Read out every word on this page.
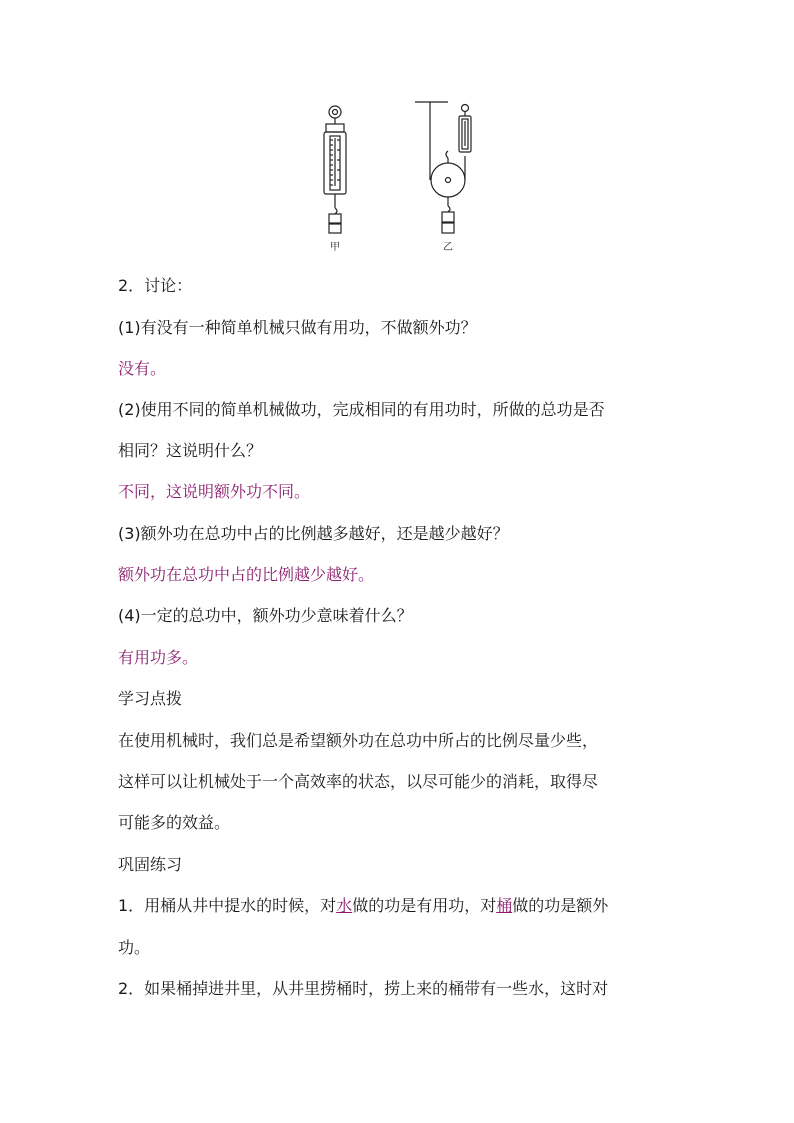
甲	乙
2．讨论：
(1)有没有一种简单机械只做有用功，不做额外功？
没有。
(2)使用不同的简单机械做功，完成相同的有用功时，所做的总功是否
相同？这说明什么？
不同，这说明额外功不同。
(3)额外功在总功中占的比例越多越好，还是越少越好？
额外功在总功中占的比例越少越好。
(4)一定的总功中，额外功少意味着什么？
有用功多。
学习点拨
在使用机械时，我们总是希望额外功在总功中所占的比例尽量少些，
这样可以让机械处于一个高效率的状态，以尽可能少的消耗，取得尽
可能多的效益。
巩固练习
1．用桶从井中提水的时候，对水做的功是有用功，对桶做的功是额外
功。
2．如果桶掉进井里，从井里捞桶时，捞上来的桶带有一些水，这时对
